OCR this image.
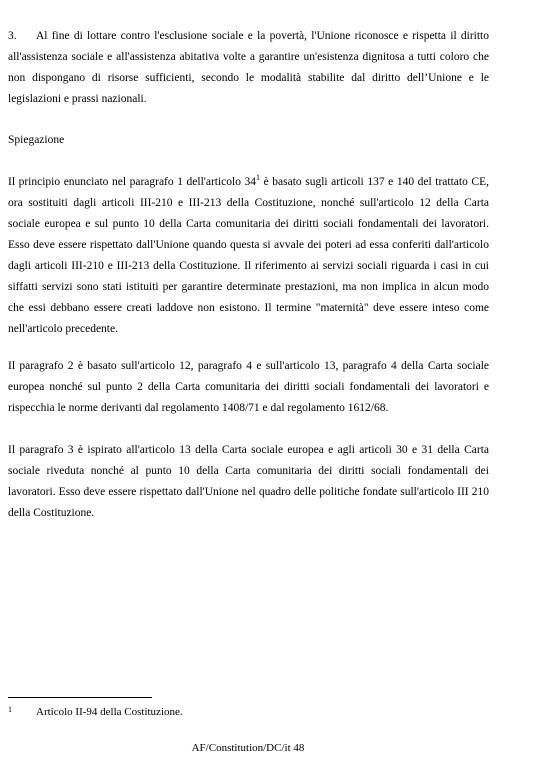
3. Al fine di lottare contro l'esclusione sociale e la povertà, l'Unione riconosce e rispetta il diritto all'assistenza sociale e all'assistenza abitativa volte a garantire un'esistenza dignitosa a tutti coloro che non dispongano di risorse sufficienti, secondo le modalità stabilite dal diritto dell’Unione e le legislazioni e prassi nazionali.

Spiegazione

Il principio enunciato nel paragrafo 1 dell'articolo $34^1$ è basato sugli articoli 137 e 140 del trattato CE, ora sostituiti dagli articoli III-210 e III-213 della Costituzione, nonché sull'articolo 12 della Carta sociale europea e sul punto 10 della Carta comunitaria dei diritti sociali fondamentali dei lavoratori. Esso deve essere rispettato dall'Unione quando questa si avvale dei poteri ad essa conferiti dall'articolo dagli articoli III-210 e III-213 della Costituzione. Il riferimento ai servizi sociali riguarda i casi in cui siffatti servizi sono stati istituiti per garantire determinate prestazioni, ma non implica in alcun modo che essi debbano essere creati laddove non esistono. Il termine "maternità" deve essere inteso come nell'articolo precedente.

Il paragrafo 2 è basato sull'articolo 12, paragrafo 4 e sull'articolo 13, paragrafo 4 della Carta sociale europea nonché sul punto 2 della Carta comunitaria dei diritti sociali fondamentali dei lavoratori e rispecchia le norme derivanti dal regolamento 1408/71 e dal regolamento 1612/68.

Il paragrafo 3 è ispirato all'articolo 13 della Carta sociale europea e agli articoli 30 e 31 della Carta sociale riveduta nonché al punto 10 della Carta comunitaria dei diritti sociali fondamentali dei lavoratori. Esso deve essere rispettato dall'Unione nel quadro delle politiche fondate sull'articolo III 210 della Costituzione.

1 Articolo II-94 della Costituzione.
AF/Constitution/DC/it 48
